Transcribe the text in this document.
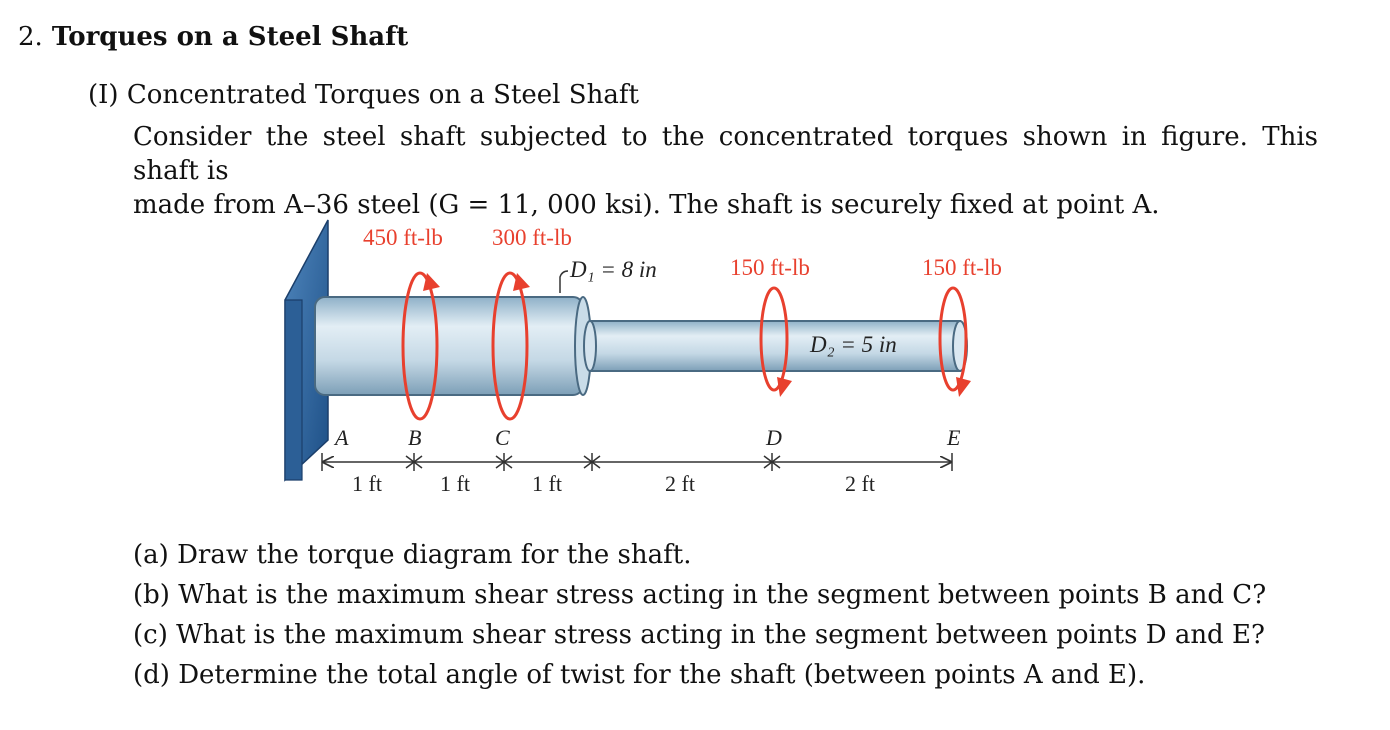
2. Torques on a Steel Shaft
(I) Concentrated Torques on a Steel Shaft
Consider the steel shaft subjected to the concentrated torques shown in figure. This shaft is
made from A–36 steel (G = 11, 000 ksi). The shaft is securely fixed at point A.
450 ft-lb 300 ft-lb
150 ft-lb	150 ft-lb
D₁ = 8 in
D₂ = 5 in
A	B	C	D	E
1 ft	1 ft	1 ft	2 ft	2 ft
(a) Draw the torque diagram for the shaft.
(b) What is the maximum shear stress acting in the segment between points B and C?
(c) What is the maximum shear stress acting in the segment between points D and E?
(d) Determine the total angle of twist for the shaft (between points A and E).
